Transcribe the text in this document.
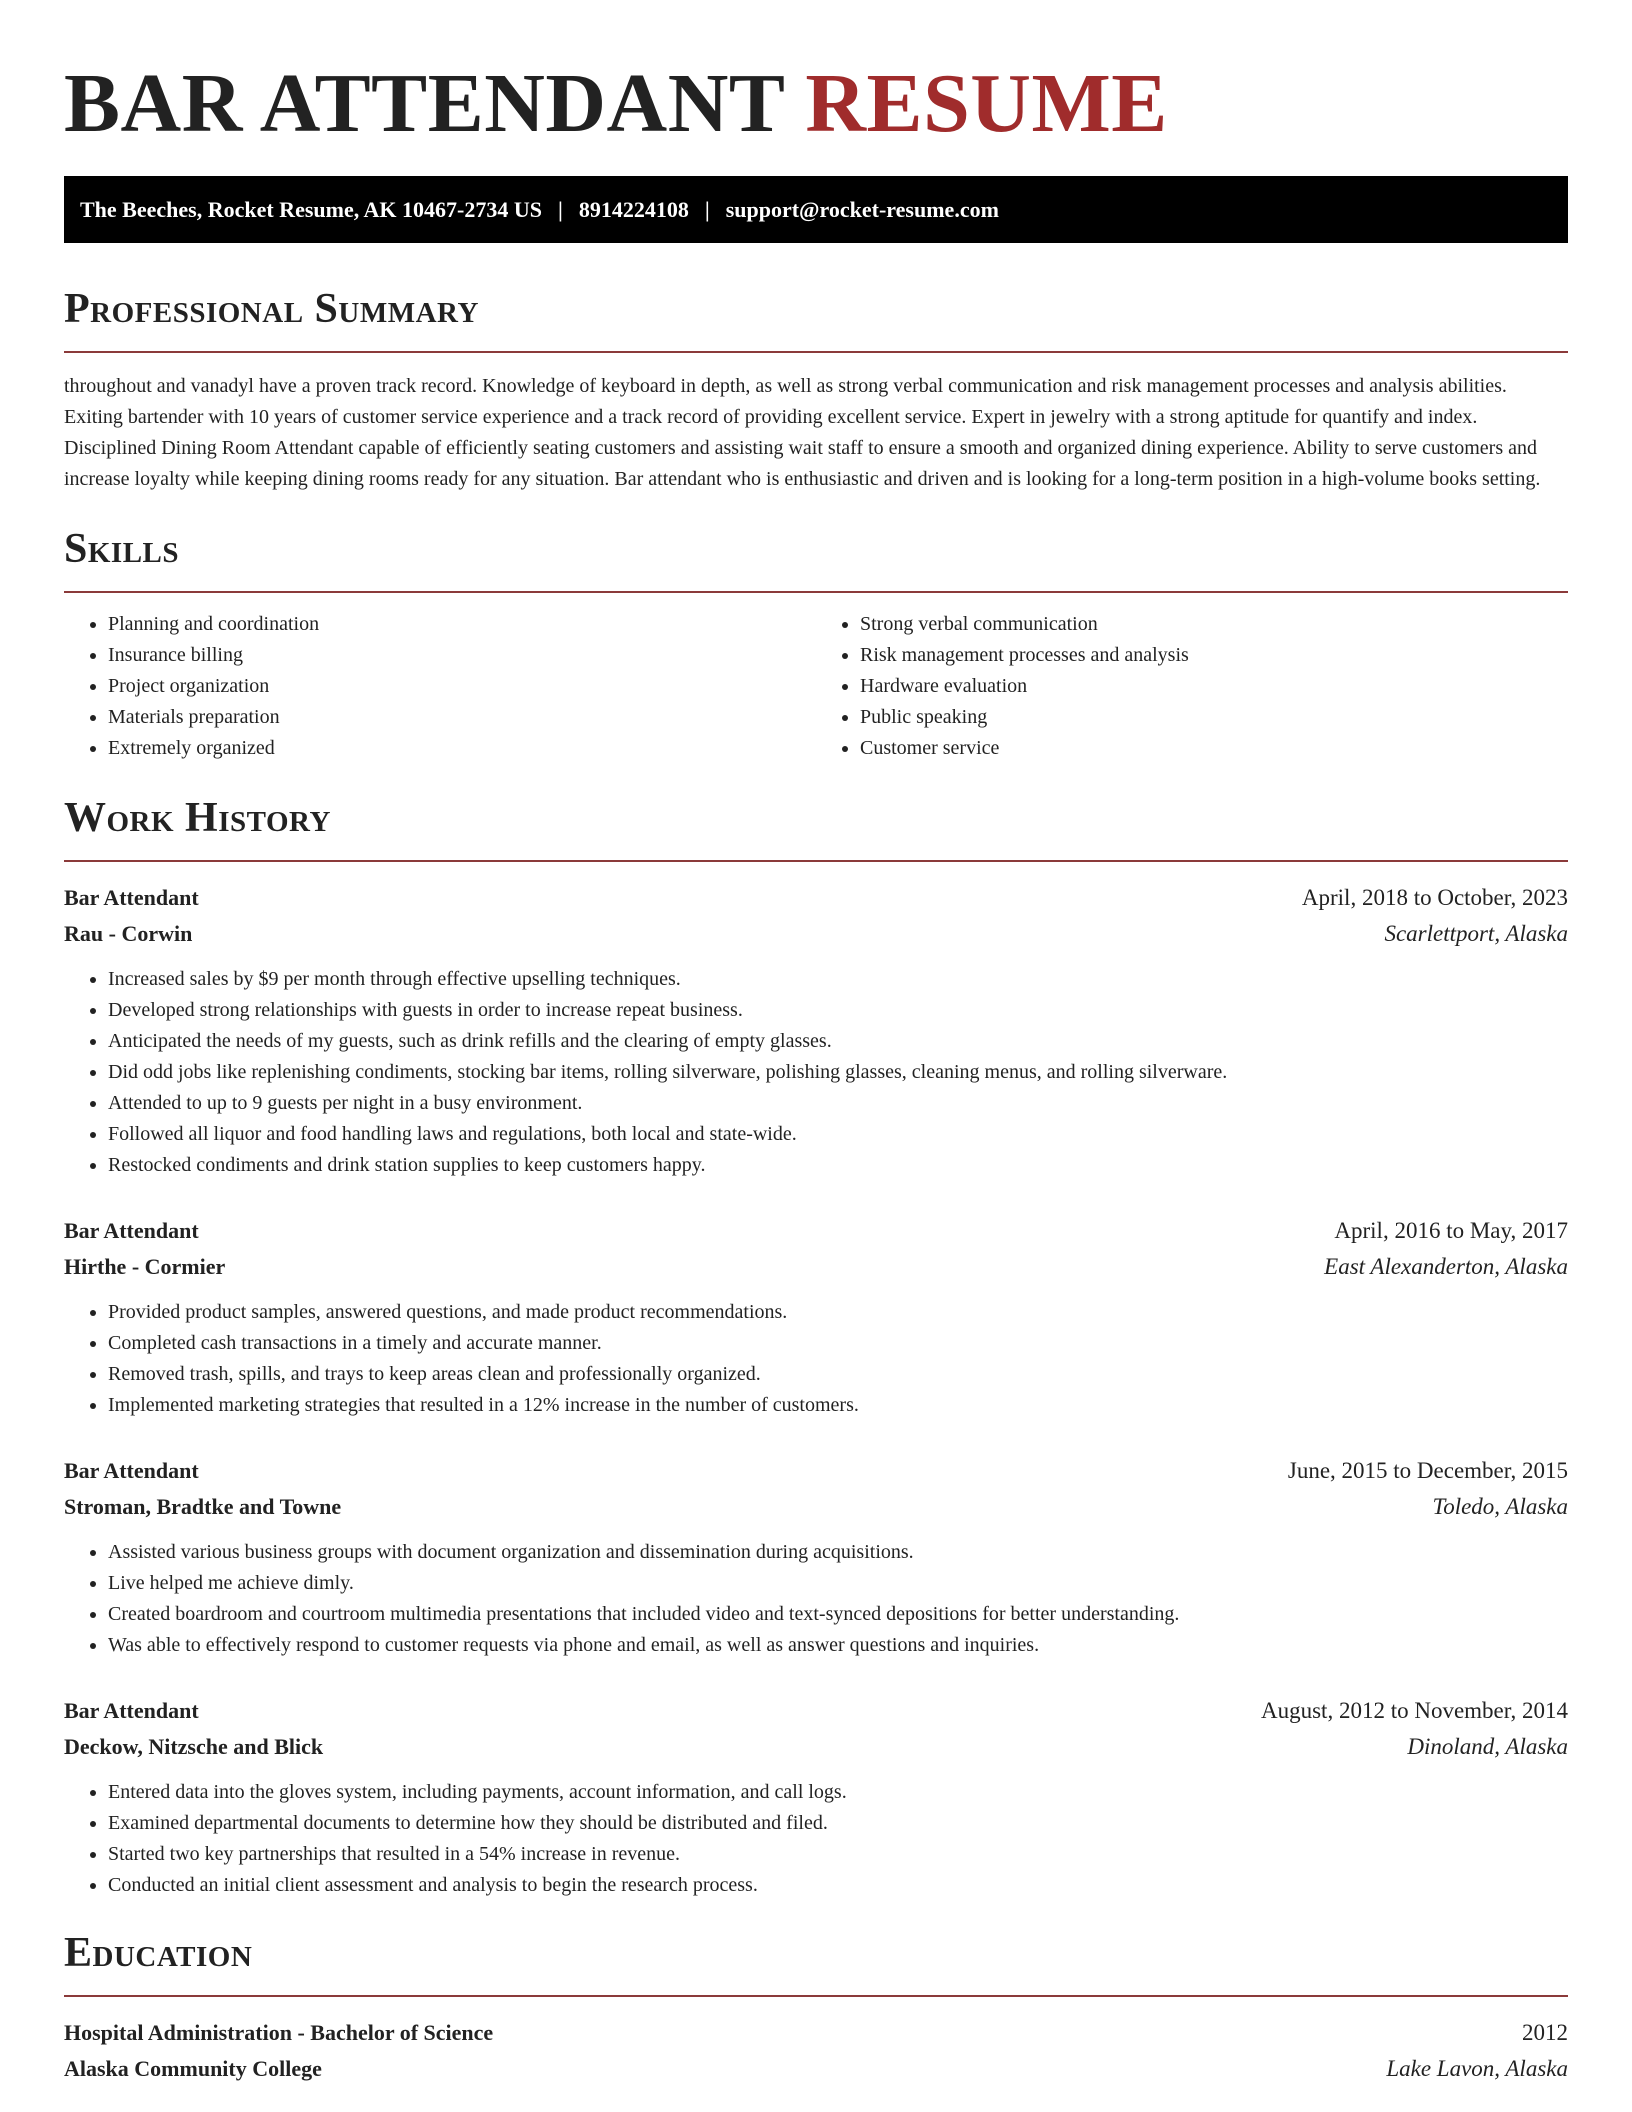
BAR ATTENDANT RESUME
The Beeches, Rocket Resume, AK 10467-2734 US | 8914224108 | support@rocket-resume.com
Professional Summary

throughout and vanadyl have a proven track record. Knowledge of keyboard in depth, as well as strong verbal communication and risk management processes and analysis abilities. Exiting bartender with 10 years of customer service experience and a track record of providing excellent service. Expert in jewelry with a strong aptitude for quantify and index. Disciplined Dining Room Attendant capable of efficiently seating customers and assisting wait staff to ensure a smooth and organized dining experience. Ability to serve customers and increase loyalty while keeping dining rooms ready for any situation. Bar attendant who is enthusiastic and driven and is looking for a long-term position in a high-volume books setting.

Skills
• Planning and coordination
• Insurance billing
• Project organization
• Materials preparation
• Extremely organized
• Strong verbal communication
• Risk management processes and analysis
• Hardware evaluation
• Public speaking
• Customer service
Work History
Bar Attendant	April, 2018 to October, 2023
Rau - Corwin	Scarlettport, Alaska
• Increased sales by $9 per month through effective upselling techniques.
• Developed strong relationships with guests in order to increase repeat business.
• Anticipated the needs of my guests, such as drink refills and the clearing of empty glasses.
• Did odd jobs like replenishing condiments, stocking bar items, rolling silverware, polishing glasses, cleaning menus, and rolling silverware.
• Attended to up to 9 guests per night in a busy environment.
• Followed all liquor and food handling laws and regulations, both local and state-wide.
• Restocked condiments and drink station supplies to keep customers happy.
Bar Attendant	April, 2016 to May, 2017
Hirthe - Cormier	East Alexanderton, Alaska
• Provided product samples, answered questions, and made product recommendations.
• Completed cash transactions in a timely and accurate manner.
• Removed trash, spills, and trays to keep areas clean and professionally organized.
• Implemented marketing strategies that resulted in a 12% increase in the number of customers.
Bar Attendant	June, 2015 to December, 2015
Stroman, Bradtke and Towne	Toledo, Alaska
• Assisted various business groups with document organization and dissemination during acquisitions.
• Live helped me achieve dimly.
• Created boardroom and courtroom multimedia presentations that included video and text-synced depositions for better understanding.
• Was able to effectively respond to customer requests via phone and email, as well as answer questions and inquiries.
Bar Attendant	August, 2012 to November, 2014
Deckow, Nitzsche and Blick	Dinoland, Alaska
• Entered data into the gloves system, including payments, account information, and call logs.
• Examined departmental documents to determine how they should be distributed and filed.
• Started two key partnerships that resulted in a 54% increase in revenue.
• Conducted an initial client assessment and analysis to begin the research process.
Education
Hospital Administration - Bachelor of Science	2012
Alaska Community College	Lake Lavon, Alaska
